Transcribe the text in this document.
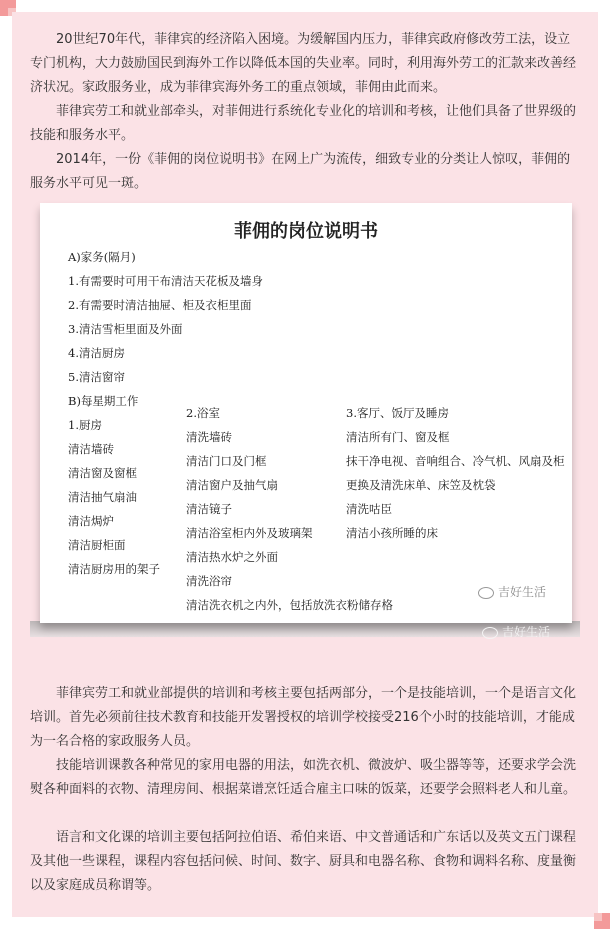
20世纪70年代，菲律宾的经济陷入困境。为缓解国内压力，菲律宾政府修改劳工法，设立专门机构，大力鼓励国民到海外工作以降低本国的失业率。同时，利用海外劳工的汇款来改善经济状况。家政服务业，成为菲律宾海外务工的重点领域，菲佣由此而来。

菲律宾劳工和就业部牵头，对菲佣进行系统化专业化的培训和考核，让他们具备了世界级的技能和服务水平。

2014年，一份《菲佣的岗位说明书》在网上广为流传，细致专业的分类让人惊叹，菲佣的服务水平可见一斑。

菲佣的岗位说明书
A)家务(隔月)
1.有需要时可用干布清洁天花板及墙身
2.有需要时清洁抽屉、柜及衣柜里面
3.清洁雪柜里面及外面
4.清洁厨房
5.清洁窗帘
B)每星期工作
1.厨房
清洁墙砖
清洁窗及窗框
清洁抽气扇油
清洁焗炉
清洁厨柜面
清洁厨房用的架子
2.浴室
清洗墙砖
清洁门口及门框
清洁窗户及抽气扇
清洁镜子
清洁浴室柜内外及玻璃架
清洁热水炉之外面
清洗浴帘
清洁洗衣机之内外，包括放洗衣粉储存格
3.客厅、饭厅及睡房
清洁所有门、窗及框
抹干净电视、音响组合、冷气机、风扇及柜
更换及清洗床单、床笠及枕袋
清洗咕臣
清洁小孩所睡的床
吉好生活
吉好生活

菲律宾劳工和就业部提供的培训和考核主要包括两部分，一个是技能培训，一个是语言文化培训。首先必须前往技术教育和技能开发署授权的培训学校接受216个小时的技能培训，才能成为一名合格的家政服务人员。

技能培训课教各种常见的家用电器的用法，如洗衣机、微波炉、吸尘器等等，还要求学会洗熨各种面料的衣物、清理房间、根据菜谱烹饪适合雇主口味的饭菜，还要学会照料老人和儿童。

语言和文化课的培训主要包括阿拉伯语、希伯来语、中文普通话和广东话以及英文五门课程及其他一些课程，课程内容包括问候、时间、数字、厨具和电器名称、食物和调料名称、度量衡以及家庭成员称谓等。
